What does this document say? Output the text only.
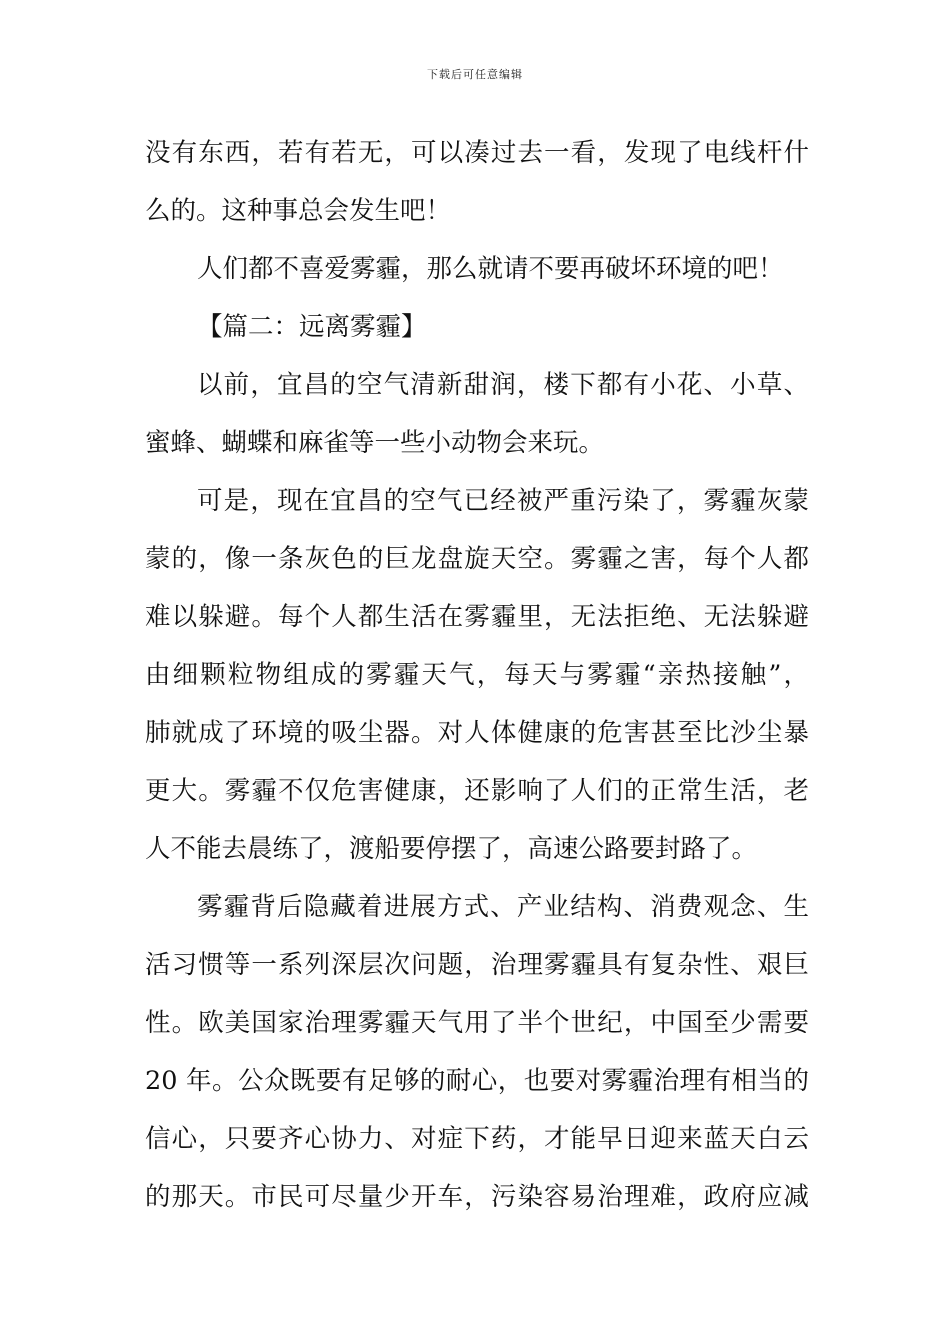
下载后可任意编辑
没有东西，若有若无，可以凑过去一看，发现了电线杆什
么的。这种事总会发生吧！
人们都不喜爱雾霾，那么就请不要再破坏环境的吧！
【篇二：远离雾霾】
以前，宜昌的空气清新甜润，楼下都有小花、小草、
蜜蜂、蝴蝶和麻雀等一些小动物会来玩。
可是，现在宜昌的空气已经被严重污染了，雾霾灰蒙
蒙的，像一条灰色的巨龙盘旋天空。雾霾之害，每个人都
难以躲避。每个人都生活在雾霾里，无法拒绝、无法躲避
由细颗粒物组成的雾霾天气，每天与雾霾“亲热接触”，
肺就成了环境的吸尘器。对人体健康的危害甚至比沙尘暴
更大。雾霾不仅危害健康，还影响了人们的正常生活，老
人不能去晨练了，渡船要停摆了，高速公路要封路了。
雾霾背后隐藏着进展方式、产业结构、消费观念、生
活习惯等一系列深层次问题，治理雾霾具有复杂性、艰巨
性。欧美国家治理雾霾天气用了半个世纪，中国至少需要
20 年。公众既要有足够的耐心，也要对雾霾治理有相当的
信心，只要齐心协力、对症下药，才能早日迎来蓝天白云
的那天。市民可尽量少开车，污染容易治理难，政府应减
